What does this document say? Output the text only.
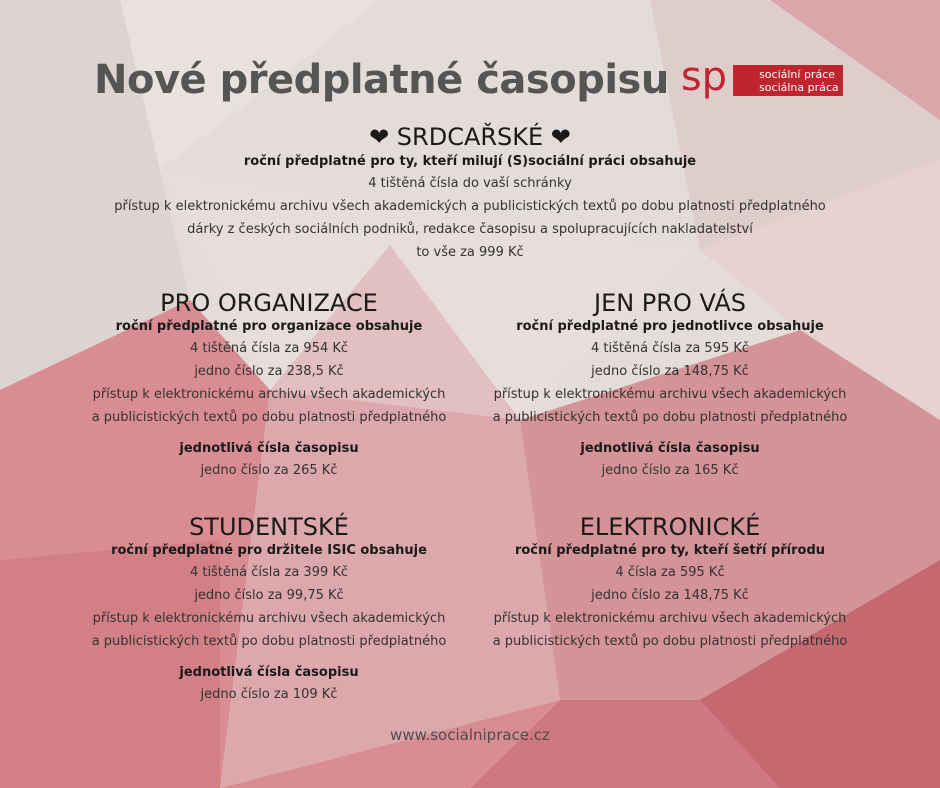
Nové předplatné časopisu sp	sociální práce
sociálna práca
❤ SRDCAŘSKÉ ❤
roční předplatné pro ty, kteří milují (S)sociální práci obsahuje
4 tištěná čísla do vaší schránky
přístup k elektronickému archivu všech akademických a publicistických textů po dobu platnosti předplatného
dárky z českých sociálních podniků, redakce časopisu a spolupracujících nakladatelství
to vše za 999 Kč
PRO ORGANIZACE
roční předplatné pro organizace obsahuje
4 tištěná čísla za 954 Kč
jedno číslo za 238,5 Kč
přístup k elektronickému archivu všech akademických
a publicistických textů po dobu platnosti předplatného
jednotlivá čísla časopisu
jedno číslo za 265 Kč
JEN PRO VÁS
roční předplatné pro jednotlivce obsahuje
4 tištěná čísla za 595 Kč
jedno číslo za 148,75 Kč
přístup k elektronickému archivu všech akademických
a publicistických textů po dobu platnosti předplatného
jednotlivá čísla časopisu
jedno číslo za 165 Kč
STUDENTSKÉ
roční předplatné pro držitele ISIC obsahuje
4 tištěná čísla za 399 Kč
jedno číslo za 99,75 Kč
přístup k elektronickému archivu všech akademických
a publicistických textů po dobu platnosti předplatného
jednotlivá čísla časopisu
jedno číslo za 109 Kč
ELEKTRONICKÉ
roční předplatné pro ty, kteří šetří přírodu
4 čísla za 595 Kč
jedno číslo za 148,75 Kč
přístup k elektronickému archivu všech akademických
a publicistických textů po dobu platnosti předplatného
www.socialniprace.cz
